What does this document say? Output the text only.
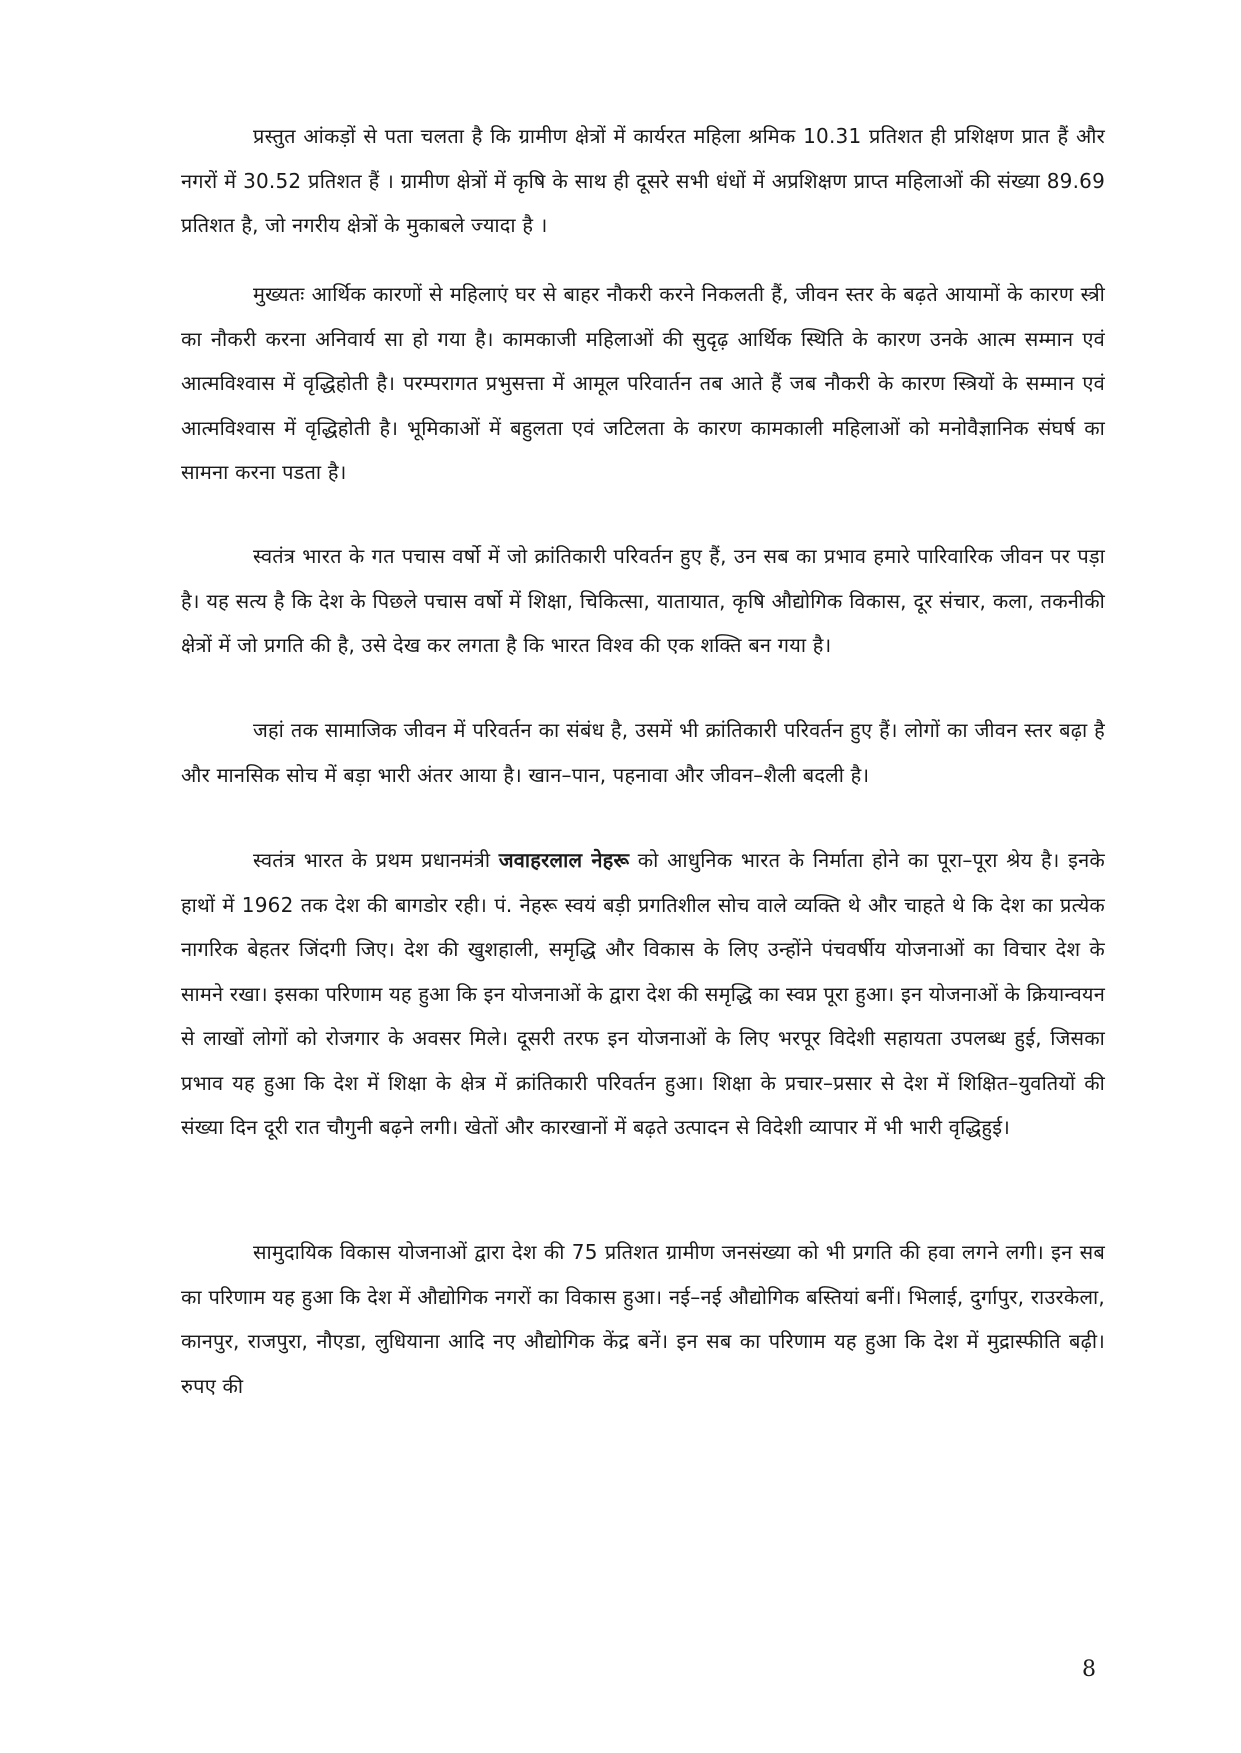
प्रस्तुत आंकड़ों से पता चलता है कि ग्रामीण क्षेत्रों में कार्यरत महिला श्रमिक 10.31 प्रतिशत ही प्रशिक्षण प्रात हैं और नगरों में 30.52 प्रतिशत हैं । ग्रामीण क्षेत्रों में कृषि के साथ ही दूसरे सभी धंधों में अप्रशिक्षण प्राप्त महिलाओं की संख्या 89.69 प्रतिशत है, जो नगरीय क्षेत्रों के मुकाबले ज्यादा है ।

मुख्यतः आर्थिक कारणों से महिलाएं घर से बाहर नौकरी करने निकलती हैं, जीवन स्तर के बढ़ते आयामों के कारण स्त्री का नौकरी करना अनिवार्य सा हो गया है। कामकाजी महिलाओं की सुदृढ़ आर्थिक स्थिति के कारण उनके आत्म सम्मान एवं आत्मविश्वास में वृद्धिहोती है। परम्परागत प्रभुसत्ता में आमूल परिवार्तन तब आते हैं जब नौकरी के कारण स्त्रियों के सम्मान एवं आत्मविश्वास में वृद्धिहोती है। भूमिकाओं में बहुलता एवं जटिलता के कारण कामकाली महिलाओं को मनोवैज्ञानिक संघर्ष का सामना करना पडता है।

स्वतंत्र भारत के गत पचास वर्षो में जो क्रांतिकारी परिवर्तन हुए हैं, उन सब का प्रभाव हमारे पारिवारिक जीवन पर पड़ा है। यह सत्य है कि देश के पिछले पचास वर्षो में शिक्षा, चिकित्सा, यातायात, कृषि औद्योगिक विकास, दूर संचार, कला, तकनीकी क्षेत्रों में जो प्रगति की है, उसे देख कर लगता है कि भारत विश्व की एक शक्ति बन गया है।

जहां तक सामाजिक जीवन में परिवर्तन का संबंध है, उसमें भी क्रांतिकारी परिवर्तन हुए हैं। लोगों का जीवन स्तर बढ़ा है और मानसिक सोच में बड़ा भारी अंतर आया है। खान–पान, पहनावा और जीवन–शैली बदली है।

स्वतंत्र भारत के प्रथम प्रधानमंत्री जवाहरलाल नेहरू को आधुनिक भारत के निर्माता होने का पूरा–पूरा श्रेय है। इनके हाथों में 1962 तक देश की बागडोर रही। पं. नेहरू स्वयं बड़ी प्रगतिशील सोच वाले व्यक्ति थे और चाहते थे कि देश का प्रत्येक नागरिक बेहतर जिंदगी जिए। देश की खुशहाली, समृद्धि और विकास के लिए उन्होंने पंचवर्षीय योजनाओं का विचार देश के सामने रखा। इसका परिणाम यह हुआ कि इन योजनाओं के द्वारा देश की समृद्धि का स्वप्न पूरा हुआ। इन योजनाओं के क्रियान्वयन से लाखों लोगों को रोजगार के अवसर मिले। दूसरी तरफ इन योजनाओं के लिए भरपूर विदेशी सहायता उपलब्ध हुई, जिसका प्रभाव यह हुआ कि देश में शिक्षा के क्षेत्र में क्रांतिकारी परिवर्तन हुआ। शिक्षा के प्रचार–प्रसार से देश में शिक्षित–युवतियों की संख्या दिन दूरी रात चौगुनी बढ़ने लगी। खेतों और कारखानों में बढ़ते उत्पादन से विदेशी व्यापार में भी भारी वृद्धिहुई।

सामुदायिक विकास योजनाओं द्वारा देश की 75 प्रतिशत ग्रामीण जनसंख्या को भी प्रगति की हवा लगने लगी। इन सब का परिणाम यह हुआ कि देश में औद्योगिक नगरों का विकास हुआ। नई–नई औद्योगिक बस्तियां बनीं। भिलाई, दुर्गापुर, राउरकेला, कानपुर, राजपुरा, नौएडा, लुधियाना आदि नए औद्योगिक केंद्र बनें। इन सब का परिणाम यह हुआ कि देश में मुद्रास्फीति बढ़ी। रुपए की

8
